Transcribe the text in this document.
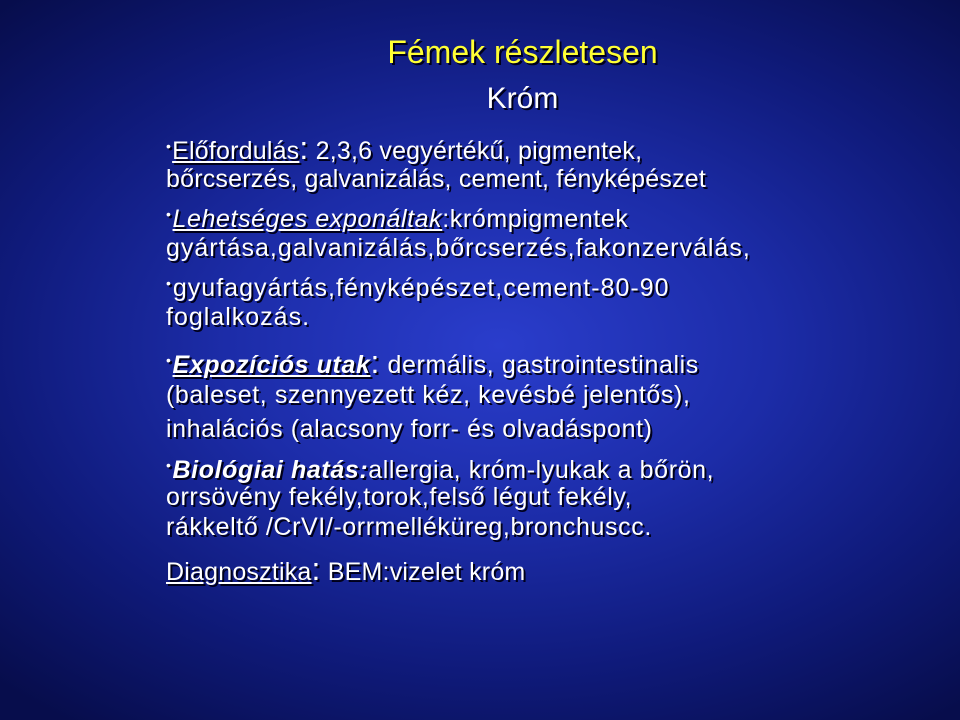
Fémek részletesen
Króm
•Előfordulás: 2,3,6 vegyértékű, pigmentek,
bőrcserzés, galvanizálás, cement, fényképészet
•Lehetséges exponáltak:krómpigmentek
gyártása,galvanizálás,bőrcserzés,fakonzerválás,
•gyufagyártás,fényképészet,cement-80-90
foglalkozás.
•Expozíciós utak: dermális, gastrointestinalis
(baleset, szennyezett kéz, kevésbé jelentős),
inhalációs (alacsony forr- és olvadáspont)
•Biológiai hatás:allergia, króm-lyukak a bőrön,
orrsövény fekély,torok,felső légut fekély,
rákkeltő /CrVI/-orrmelléküreg,bronchuscc.
Diagnosztika: BEM:vizelet króm
